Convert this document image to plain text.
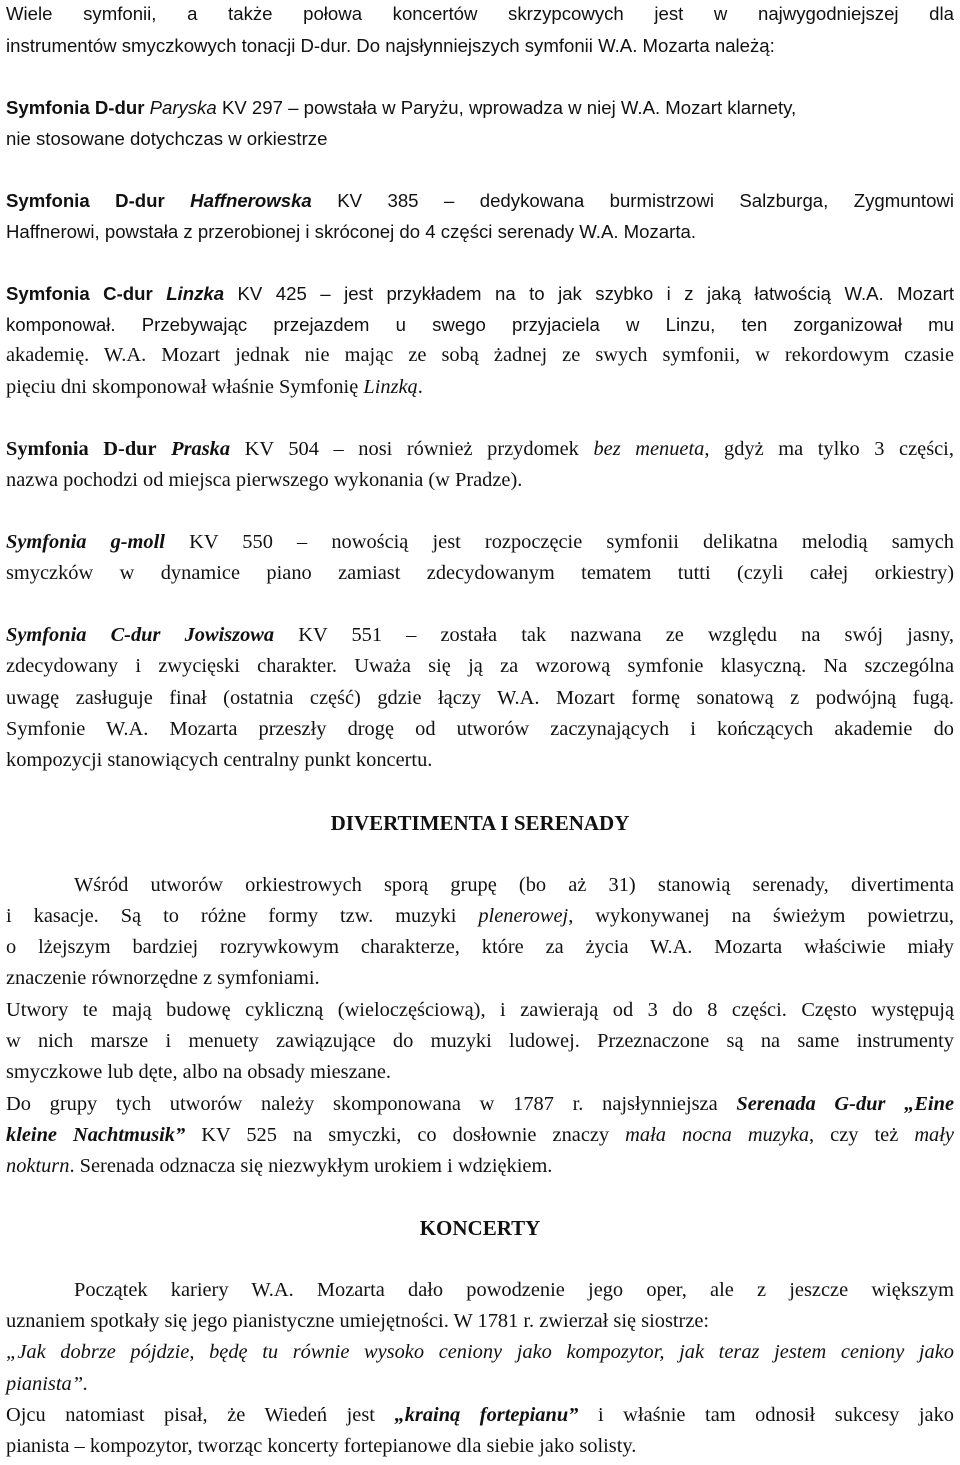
Wiele symfonii, a także połowa koncertów skrzypcowych jest w najwygodniejszej dla
instrumentów smyczkowych tonacji D-dur. Do najsłynniejszych symfonii W.A. Mozarta należą:
Symfonia D-dur Paryska KV 297 – powstała w Paryżu, wprowadza w niej W.A. Mozart klarnety,
nie stosowane dotychczas w orkiestrze
Symfonia D-dur Haffnerowska KV 385 – dedykowana burmistrzowi Salzburga, Zygmuntowi
Haffnerowi, powstała z przerobionej i skróconej do 4 części serenady W.A. Mozarta.
Symfonia C-dur Linzka KV 425 – jest przykładem na to jak szybko i z jaką łatwością W.A. Mozart
komponował. Przebywając przejazdem u swego przyjaciela w Linzu, ten zorganizował mu
akademię. W.A. Mozart jednak nie mając ze sobą żadnej ze swych symfonii, w rekordowym czasie
pięciu dni skomponował właśnie Symfonię Linzką.
Symfonia D-dur Praska KV 504 – nosi również przydomek bez menueta, gdyż ma tylko 3 części,
nazwa pochodzi od miejsca pierwszego wykonania (w Pradze).
Symfonia g-moll KV 550 – nowością jest rozpoczęcie symfonii delikatna melodią samych
smyczków w dynamice piano zamiast zdecydowanym tematem tutti (czyli całej orkiestry)
Symfonia C-dur Jowiszowa KV 551 – została tak nazwana ze względu na swój jasny,
zdecydowany i zwycięski charakter. Uważa się ją za wzorową symfonie klasyczną. Na szczególna
uwagę zasługuje finał (ostatnia część) gdzie łączy W.A. Mozart formę sonatową z podwójną fugą.
Symfonie W.A. Mozarta przeszły drogę od utworów zaczynających i kończących akademie do
kompozycji stanowiących centralny punkt koncertu.
DIVERTIMENTA I SERENADY
Wśród utworów orkiestrowych sporą grupę (bo aż 31) stanowią serenady, divertimenta
i kasacje. Są to różne formy tzw. muzyki plenerowej, wykonywanej na świeżym powietrzu,
o lżejszym bardziej rozrywkowym charakterze, które za życia W.A. Mozarta właściwie miały
znaczenie równorzędne z symfoniami.
Utwory te mają budowę cykliczną (wieloczęściową), i zawierają od 3 do 8 części. Często występują
w nich marsze i menuety zawiązujące do muzyki ludowej. Przeznaczone są na same instrumenty
smyczkowe lub dęte, albo na obsady mieszane.
Do grupy tych utworów należy skomponowana w 1787 r. najsłynniejsza Serenada G-dur „Eine
kleine Nachtmusik” KV 525 na smyczki, co dosłownie znaczy mała nocna muzyka, czy też mały
nokturn. Serenada odznacza się niezwykłym urokiem i wdziękiem.
KONCERTY
Początek kariery W.A. Mozarta dało powodzenie jego oper, ale z jeszcze większym
uznaniem spotkały się jego pianistyczne umiejętności. W 1781 r. zwierzał się siostrze:
„Jak dobrze pójdzie, będę tu równie wysoko ceniony jako kompozytor, jak teraz jestem ceniony jako
pianista”.
Ojcu natomiast pisał, że Wiedeń jest „krainą fortepianu” i właśnie tam odnosił sukcesy jako
pianista – kompozytor, tworząc koncerty fortepianowe dla siebie jako solisty.
